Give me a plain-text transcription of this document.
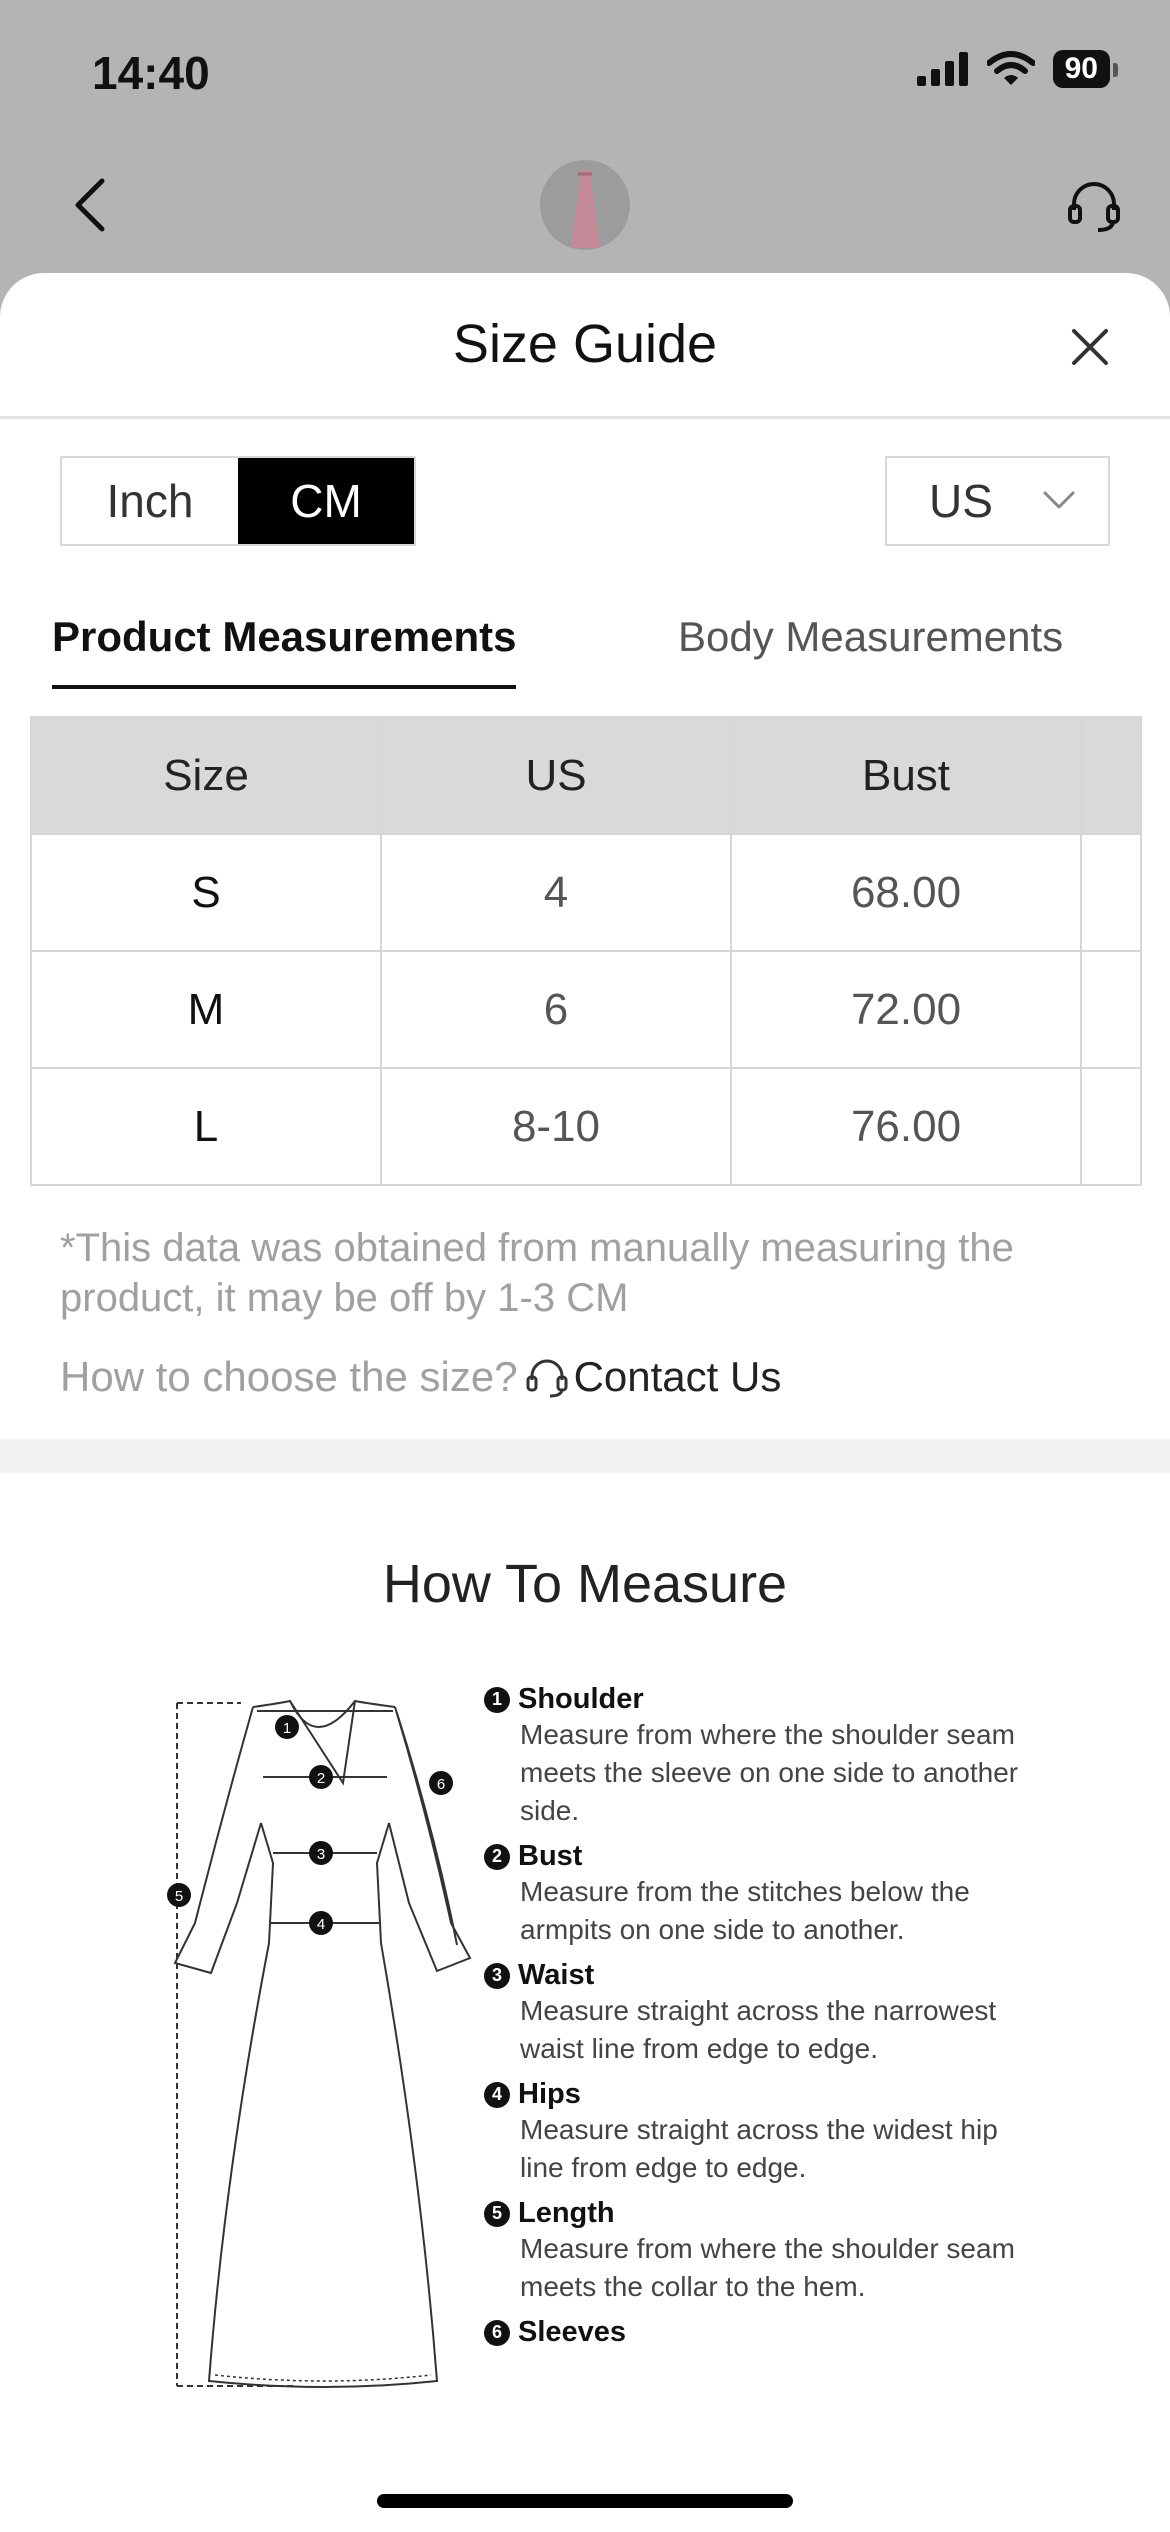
14:40	90
Size Guide
Inch	CM	US
Product Measurements	Body Measurements
Size	US	Bust	
S	4	68.00	
M	6	72.00	
L	8-10	76.00	
*This data was obtained from manually measuring the product, it may be off by 1-3 CM
How to choose the size? Contact Us
How To Measure
1
2
3
4
5
6
1 Shoulder
Measure from where the shoulder seam meets the sleeve on one side to another side.
2 Bust
Measure from the stitches below the armpits on one side to another.
3 Waist
Measure straight across the narrowest waist line from edge to edge.
4 Hips
Measure straight across the widest hip line from edge to edge.
5 Length
Measure from where the shoulder seam meets the collar to the hem.
6 Sleeves
